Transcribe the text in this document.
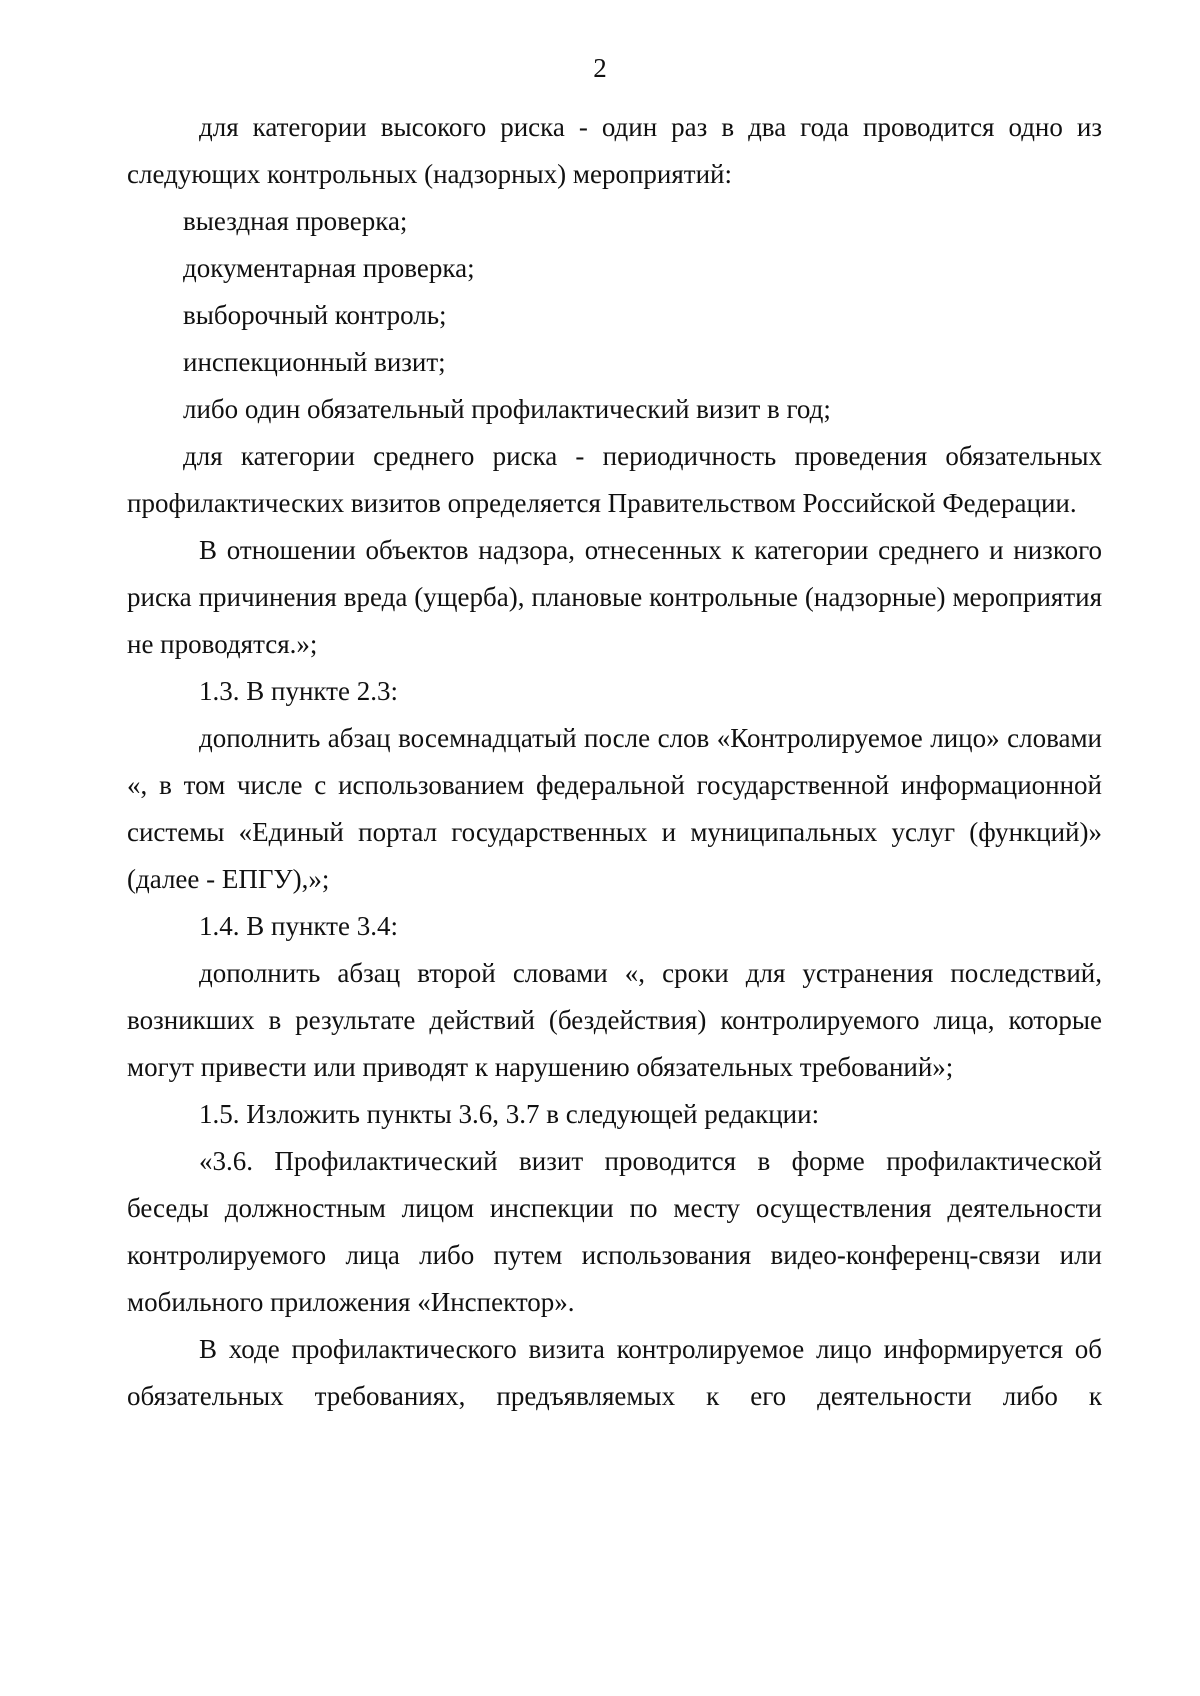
2

для категории высокого риска - один раз в два года проводится одно из следующих контрольных (надзорных) мероприятий:

выездная проверка;

документарная проверка;

выборочный контроль;

инспекционный визит;

либо один обязательный профилактический визит в год;

для категории среднего риска - периодичность проведения обязательных профилактических визитов определяется Правительством Российской Федерации.

В отношении объектов надзора, отнесенных к категории среднего и низкого риска причинения вреда (ущерба), плановые контрольные (надзорные) мероприятия не проводятся.»;

1.3. В пункте 2.3:

дополнить абзац восемнадцатый после слов «Контролируемое лицо» словами «, в том числе с использованием федеральной государственной информационной системы «Единый портал государственных и муниципальных услуг (функций)» (далее - ЕПГУ),»;

1.4. В пункте 3.4:

дополнить абзац второй словами «, сроки для устранения последствий, возникших в результате действий (бездействия) контролируемого лица, которые могут привести или приводят к нарушению обязательных требований»;

1.5. Изложить пункты 3.6, 3.7 в следующей редакции:

«3.6. Профилактический визит проводится в форме профилактической беседы должностным лицом инспекции по месту осуществления деятельности контролируемого лица либо путем использования видео-конференц-связи или мобильного приложения «Инспектор».

В ходе профилактического визита контролируемое лицо информируется об обязательных требованиях, предъявляемых к его деятельности либо к
